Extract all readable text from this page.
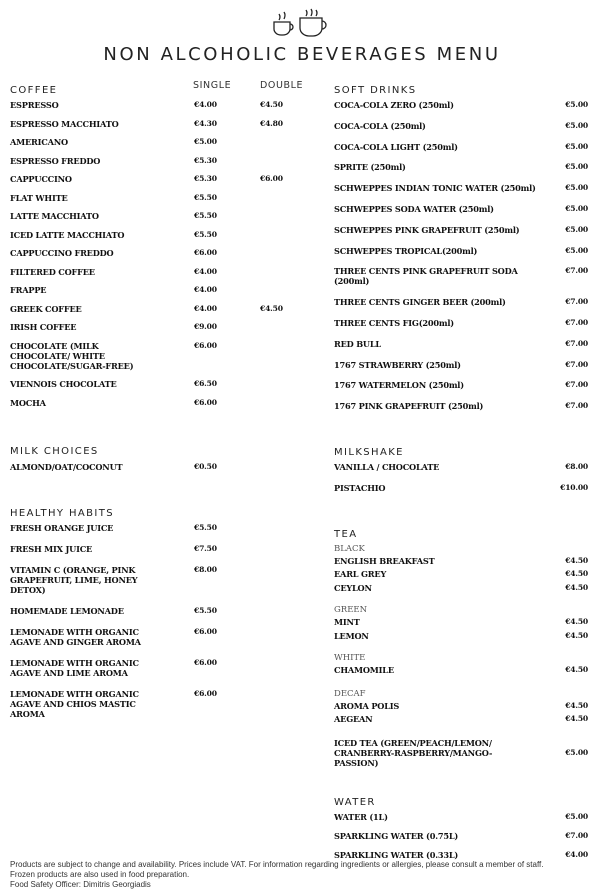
NON ALCOHOLIC BEVERAGES MENU
COFFEE	SINGLE	DOUBLE
ESPRESSO	€4.00	€4.50
ESPRESSO MACCHIATO	€4.30	€4.80
AMERICANO	€5.00
ESPRESSO FREDDO	€5.30
CAPPUCCINO	€5.30	€6.00
FLAT WHITE	€5.50
LATTE MACCHIATO	€5.50
ICED LATTE MACCHIATO	€5.50
CAPPUCCINO FREDDO	€6.00
FILTERED COFFEE	€4.00
FRAPPE	€4.00
GREEK COFFEE	€4.00	€4.50
IRISH COFFEE	€9.00
CHOCOLATE (MILK CHOCOLATE/ WHITE CHOCOLATE/SUGAR-FREE)
€6.00
VIENNOIS CHOCOLATE	€6.50
MOCHA	€6.00
MILK CHOICES
ALMOND/OAT/COCONUT	€0.50
HEALTHY HABITS
FRESH ORANGE JUICE	€5.50
FRESH MIX JUICE	€7.50
VITAMIN C (ORANGE, PINK GRAPEFRUIT, LIME, HONEY DETOX)
€8.00
HOMEMADE LEMONADE	€5.50
LEMONADE WITH ORGANIC AGAVE AND GINGER AROMA
€6.00
LEMONADE WITH ORGANIC AGAVE AND LIME AROMA
€6.00
LEMONADE WITH ORGANIC AGAVE AND CHIOS MASTIC AROMA
€6.00
SOFT DRINKS
COCA-COLA ZERO (250ml)	€5.00
COCA-COLA (250ml)	€5.00
COCA-COLA LIGHT (250ml)	€5.00
SPRITE (250ml)	€5.00
SCHWEPPES INDIAN TONIC WATER (250ml)	€5.00
SCHWEPPES SODA WATER (250ml)	€5.00
SCHWEPPES PINK GRAPEFRUIT (250ml)	€5.00
SCHWEPPES TROPICAL(200ml)	€5.00
THREE CENTS PINK GRAPEFRUIT SODA (200ml)
€7.00
THREE CENTS GINGER BEER (200ml)	€7.00
THREE CENTS FIG(200ml)	€7.00
RED BULL	€7.00
1767 STRAWBERRY (250ml)	€7.00
1767 WATERMELON (250ml)	€7.00
1767 PINK GRAPEFRUIT (250ml)	€7.00
MILKSHAKE
VANILLA / CHOCOLATE	€8.00
PISTACHIO	€10.00
TEA
BLACK
ENGLISH BREAKFAST	€4.50
EARL GREY	€4.50
CEYLON	€4.50
GREEN
MINT	€4.50
LEMON	€4.50
WHITE
CHAMOMILE	€4.50
DECAF
AROMA POLIS	€4.50
AEGEAN	€4.50
ICED TEA (GREEN/PEACH/LEMON/ CRANBERRY-RASPBERRY/MANGO-PASSION)
€5.00
WATER
WATER (1L)	€5.00
SPARKLING WATER (0.75L)	€7.00
SPARKLING WATER (0.33L)	€4.00
Products are subject to change and availability. Prices include VAT. For information regarding ingredients or allergies, please consult a member of staff.
Frozen products are also used in food preparation.
Food Safety Officer: Dimitris Georgiadis
